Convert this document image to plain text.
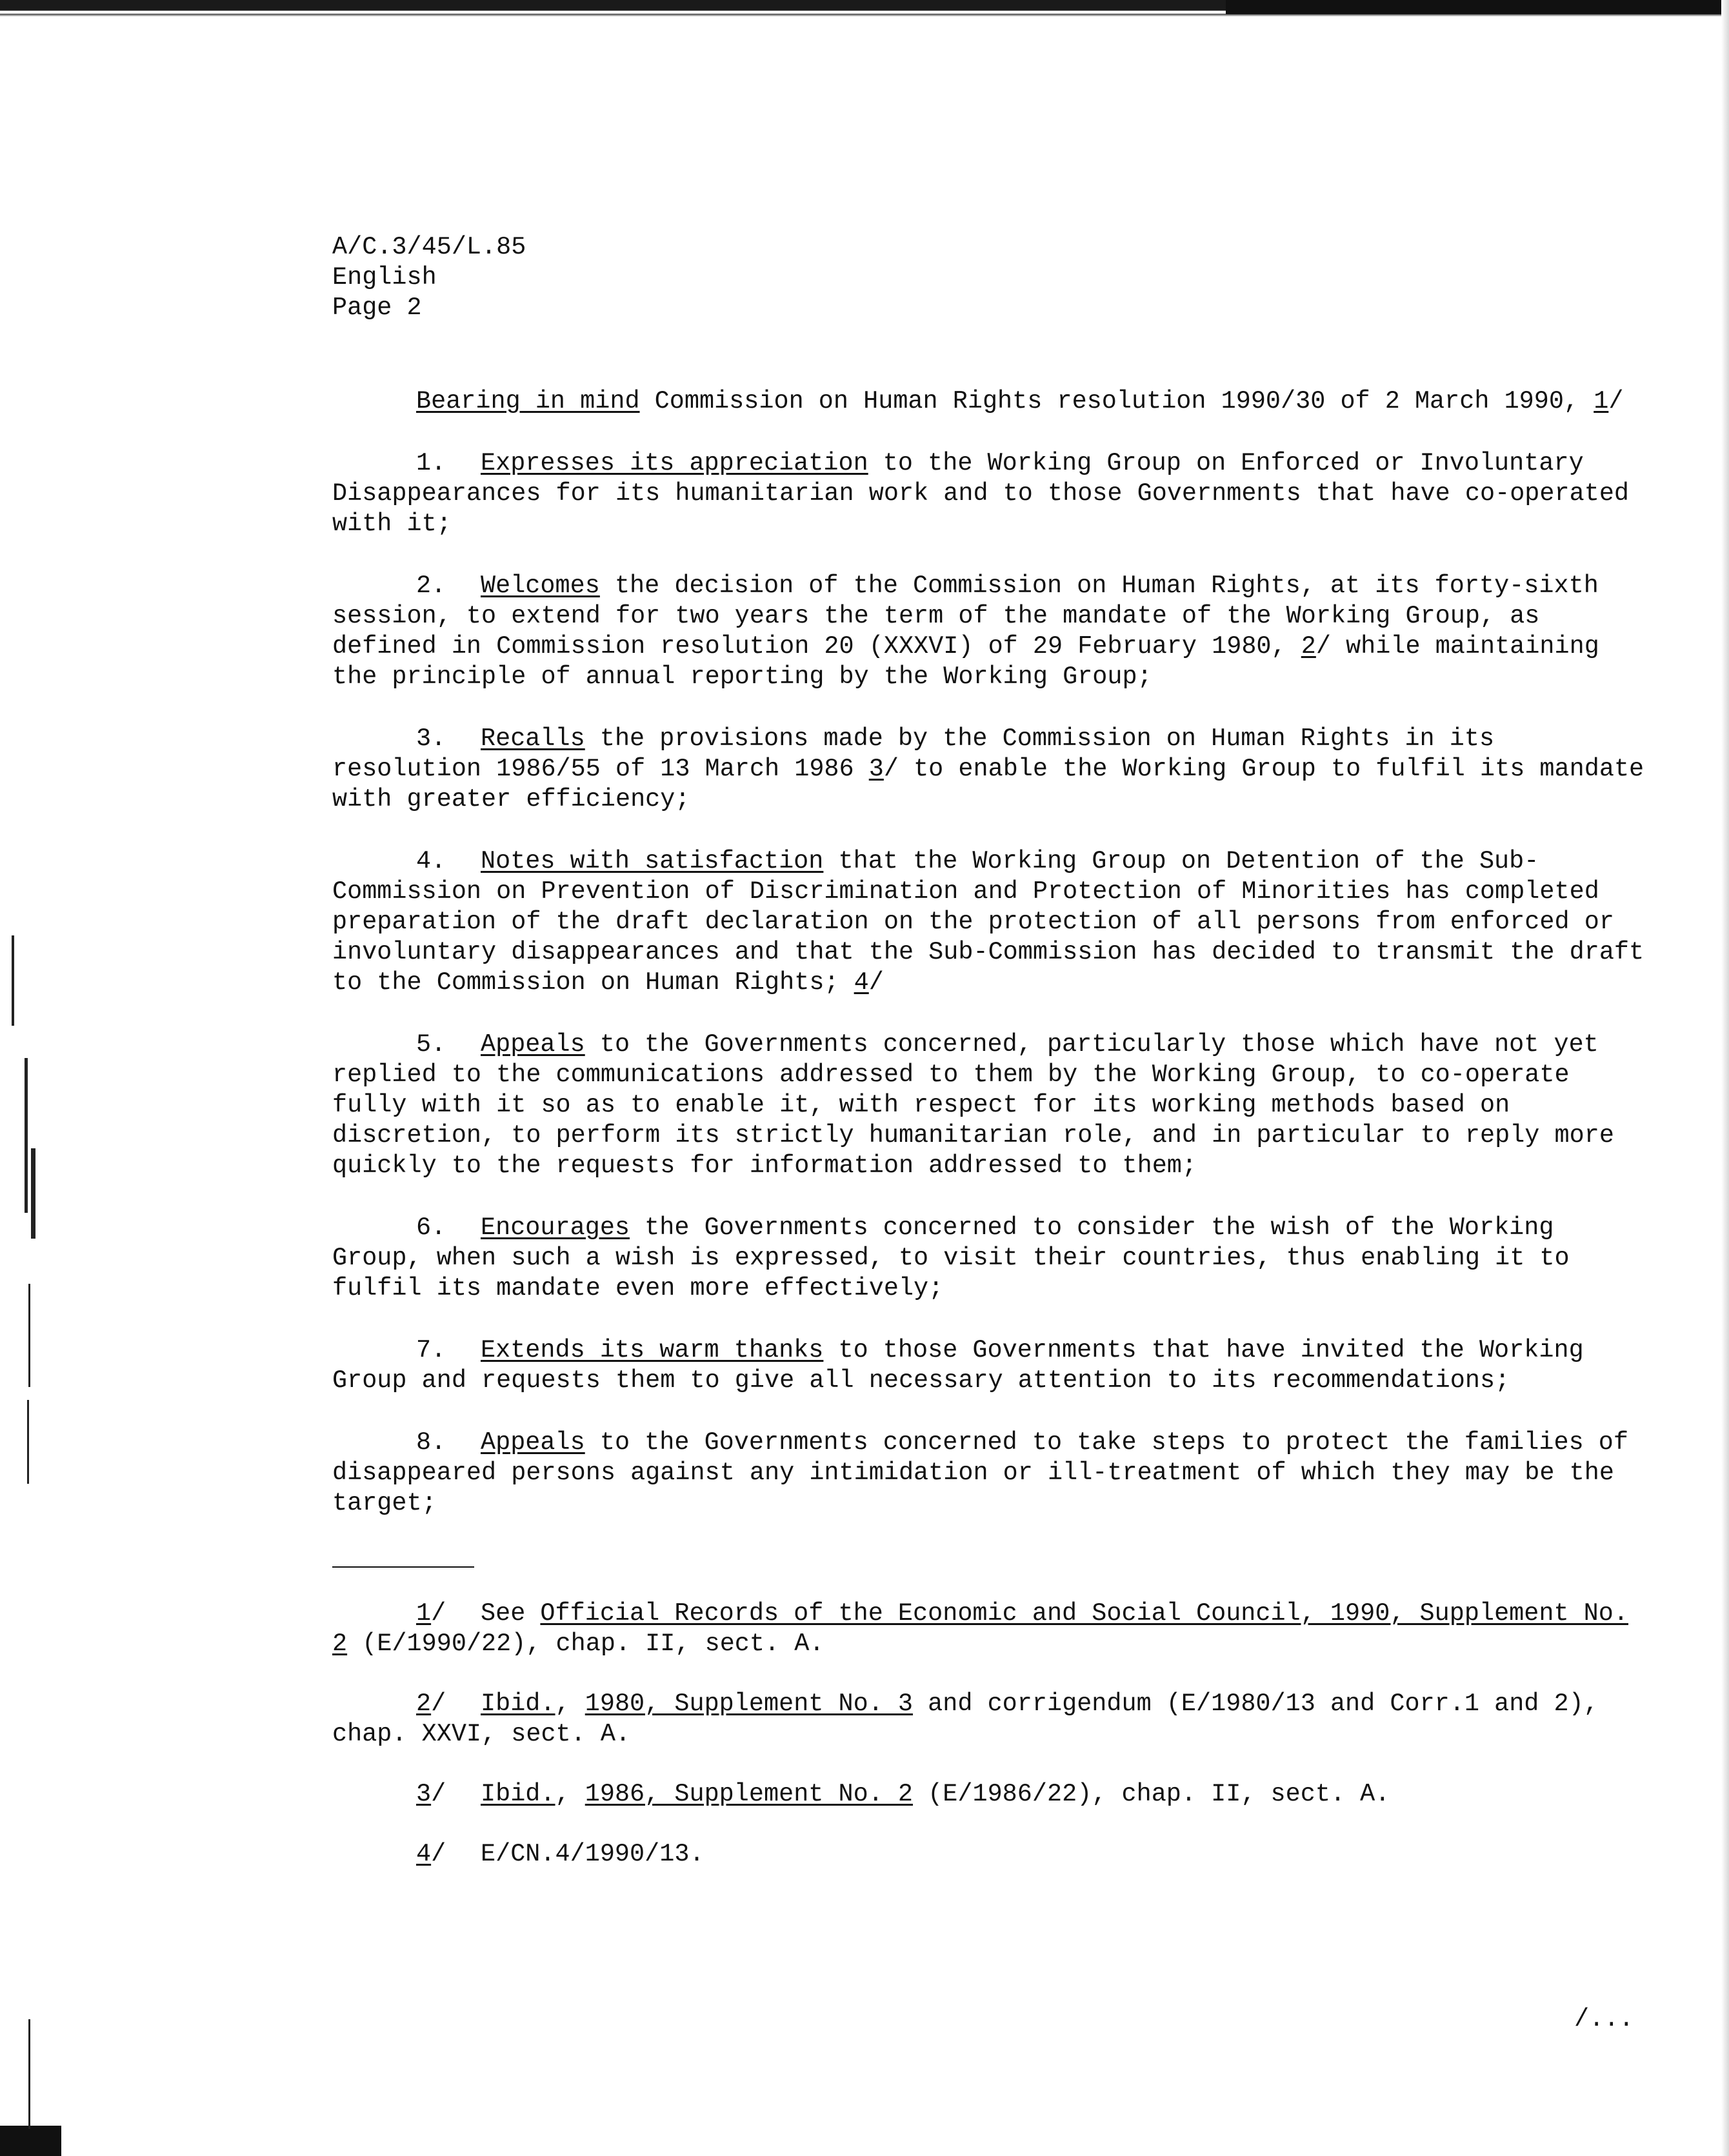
A/C.3/45/L.85
English
Page 2

Bearing in mind Commission on Human Rights resolution 1990/30 of 2 March 1990, 1/

1. Expresses its appreciation to the Working Group on Enforced or Involuntary Disappearances for its humanitarian work and to those Governments that have co-operated with it;

2. Welcomes the decision of the Commission on Human Rights, at its forty-sixth session, to extend for two years the term of the mandate of the Working Group, as defined in Commission resolution 20 (XXXVI) of 29 February 1980, 2/ while maintaining the principle of annual reporting by the Working Group;

3. Recalls the provisions made by the Commission on Human Rights in its resolution 1986/55 of 13 March 1986 3/ to enable the Working Group to fulfil its mandate with greater efficiency;

4. Notes with satisfaction that the Working Group on Detention of the Sub-Commission on Prevention of Discrimination and Protection of Minorities has completed preparation of the draft declaration on the protection of all persons from enforced or involuntary disappearances and that the Sub-Commission has decided to transmit the draft to the Commission on Human Rights; 4/

5. Appeals to the Governments concerned, particularly those which have not yet replied to the communications addressed to them by the Working Group, to co-operate fully with it so as to enable it, with respect for its working methods based on discretion, to perform its strictly humanitarian role, and in particular to reply more quickly to the requests for information addressed to them;

6. Encourages the Governments concerned to consider the wish of the Working Group, when such a wish is expressed, to visit their countries, thus enabling it to fulfil its mandate even more effectively;

7. Extends its warm thanks to those Governments that have invited the Working Group and requests them to give all necessary attention to its recommendations;

8. Appeals to the Governments concerned to take steps to protect the families of disappeared persons against any intimidation or ill-treatment of which they may be the target;

1/ See Official Records of the Economic and Social Council, 1990, Supplement No. 2 (E/1990/22), chap. II, sect. A.

2/ Ibid., 1980, Supplement No. 3 and corrigendum (E/1980/13 and Corr.1 and 2), chap. XXVI, sect. A.

3/ Ibid., 1986, Supplement No. 2 (E/1986/22), chap. II, sect. A.

4/ E/CN.4/1990/13.

/...
